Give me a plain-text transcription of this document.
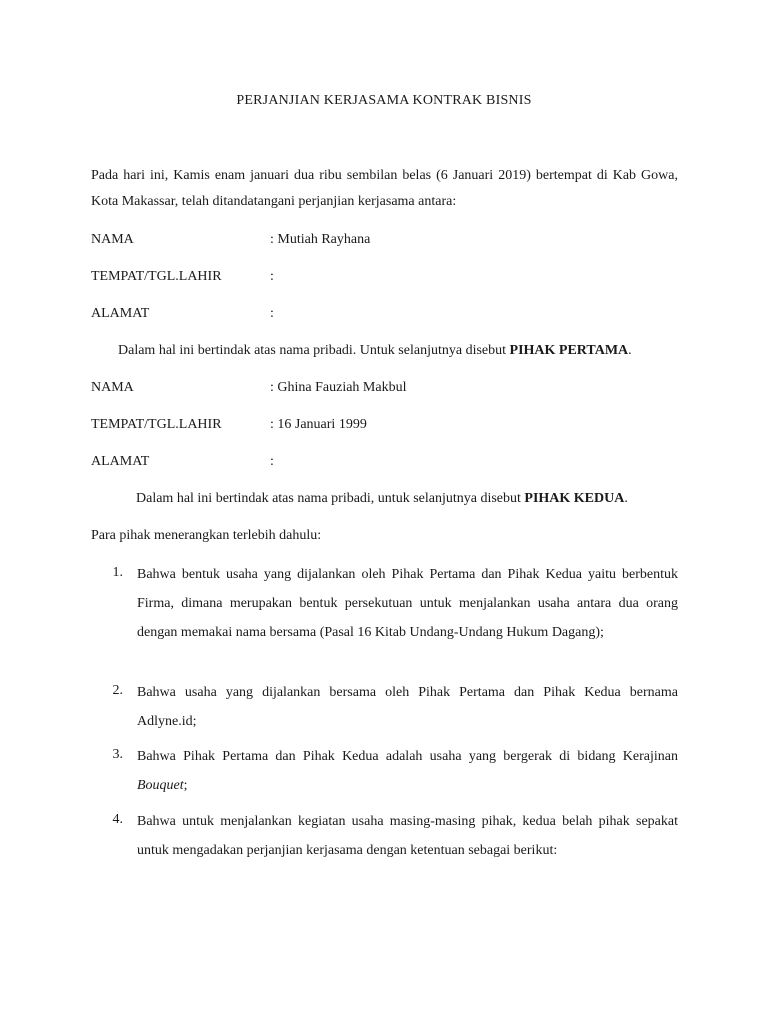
PERJANJIAN KERJASAMA KONTRAK BISNIS
Pada hari ini, Kamis enam januari dua ribu sembilan belas (6 Januari 2019) bertempat di Kab Gowa, Kota Makassar, telah ditandatangani perjanjian kerjasama antara:
NAMA	: Mutiah Rayhana
TEMPAT/TGL.LAHIR	:
ALAMAT	:
Dalam hal ini bertindak atas nama pribadi. Untuk selanjutnya disebut PIHAK PERTAMA.
NAMA	: Ghina Fauziah Makbul
TEMPAT/TGL.LAHIR	: 16 Januari 1999
ALAMAT	:
Dalam hal ini bertindak atas nama pribadi, untuk selanjutnya disebut PIHAK KEDUA.
Para pihak menerangkan terlebih dahulu:
1. Bahwa bentuk usaha yang dijalankan oleh Pihak Pertama dan Pihak Kedua yaitu berbentuk Firma, dimana merupakan bentuk persekutuan untuk menjalankan usaha antara dua orang dengan memakai nama bersama (Pasal 16 Kitab Undang-Undang Hukum Dagang);
2. Bahwa usaha yang dijalankan bersama oleh Pihak Pertama dan Pihak Kedua bernama Adlyne.id;
3. Bahwa Pihak Pertama dan Pihak Kedua adalah usaha yang bergerak di bidang Kerajinan Bouquet;
4. Bahwa untuk menjalankan kegiatan usaha masing-masing pihak, kedua belah pihak sepakat untuk mengadakan perjanjian kerjasama dengan ketentuan sebagai berikut:
